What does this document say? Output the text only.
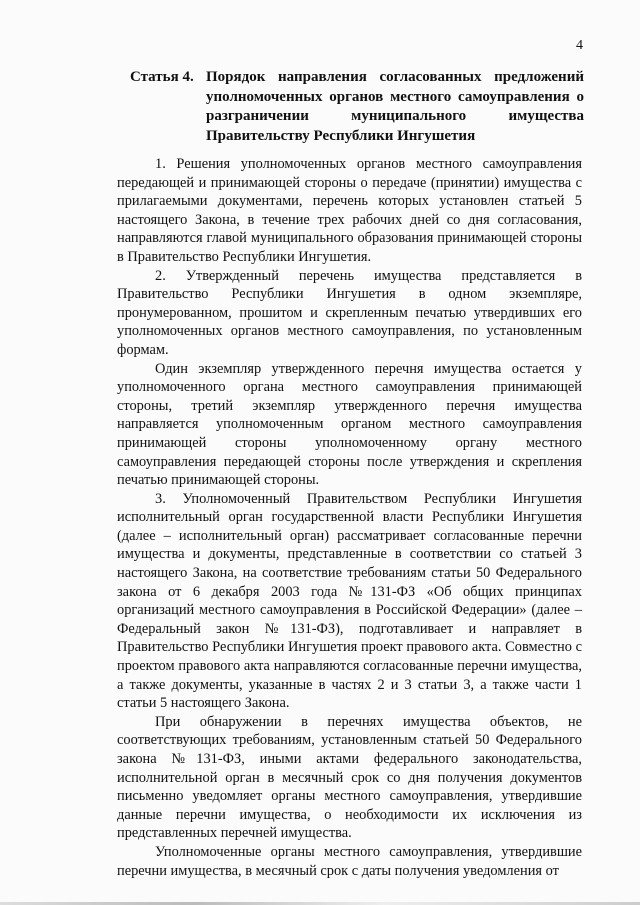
4
Статья 4. Порядок направления согласованных предложений
уполномоченных органов местного самоуправления о
разграничении муниципального имущества
Правительству Республики Ингушетия

1. Решения уполномоченных органов местного самоуправления передающей и принимающей стороны о передаче (принятии) имущества с прилагаемыми документами, перечень которых установлен статьей 5 настоящего Закона, в течение трех рабочих дней со дня согласования, направляются главой муниципального образования принимающей стороны в Правительство Республики Ингушетия.

2. Утвержденный перечень имущества представляется в Правительство Республики Ингушетия в одном экземпляре, пронумерованном, прошитом и скрепленным печатью утвердивших его уполномоченных органов местного самоуправления, по установленным формам.

Один экземпляр утвержденного перечня имущества остается у уполномоченного органа местного самоуправления принимающей стороны, третий экземпляр утвержденного перечня имущества направляется уполномоченным органом местного самоуправления принимающей стороны уполномоченному органу местного самоуправления передающей стороны после утверждения и скрепления печатью принимающей стороны.

3. Уполномоченный Правительством Республики Ингушетия исполнительный орган государственной власти Республики Ингушетия (далее – исполнительный орган) рассматривает согласованные перечни имущества и документы, представленные в соответствии со статьей 3 настоящего Закона, на соответствие требованиям статьи 50 Федерального закона от 6 декабря 2003 года №131-ФЗ «Об общих принципах организаций местного самоуправления в Российской Федерации» (далее – Федеральный закон №131-ФЗ), подготавливает и направляет в Правительство Республики Ингушетия проект правового акта. Совместно с проектом правового акта направляются согласованные перечни имущества, а также документы, указанные в частях 2 и 3 статьи 3, а также части 1 статьи 5 настоящего Закона.

При обнаружении в перечнях имущества объектов, не соответствующих требованиям, установленным статьей 50 Федерального закона №131-ФЗ, иными актами федерального законодательства, исполнительной орган в месячный срок со дня получения документов письменно уведомляет органы местного самоуправления, утвердившие данные перечни имущества, о необходимости их исключения из представленных перечней имущества.

Уполномоченные органы местного самоуправления, утвердившие перечни имущества, в месячный срок с даты получения уведомления от
